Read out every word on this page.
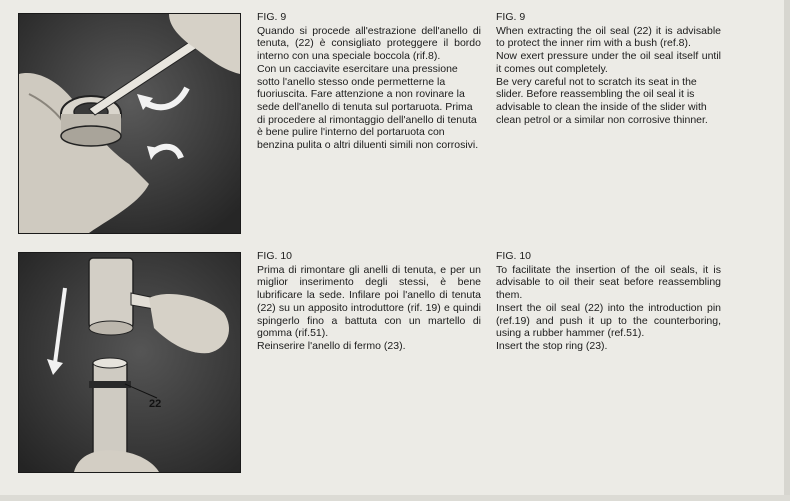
FIG. 9

Quando si procede all'estrazione dell'anello di tenuta, (22) è consigliato proteggere il bordo interno con una speciale boccola (rif.8).

Con un cacciavite esercitare una pressione sotto l'anello stesso onde permetterne la fuoriuscita. Fare attenzione a non rovinare la sede dell'anello di tenuta sul portaruota. Prima di procedere al rimontaggio dell'anello di tenuta è bene pulire l'interno del portaruota con benzina pulita o altri diluenti simili non corrosivi.

FIG. 9

When extracting the oil seal (22) it is advisable to protect the inner rim with a bush (ref.8).

Now exert pressure under the oil seal itself until it comes out completely.

Be very careful not to scratch its seat in the slider. Before reassembling the oil seal it is advisable to clean the inside of the slider with clean petrol or a similar non corrosive thinner.

22

FIG. 10

Prima di rimontare gli anelli di tenuta, e per un miglior inserimento degli stessi, è bene lubrificare la sede. Infilare poi l'anello di tenuta (22) su un apposito introduttore (rif. 19) e quindi spingerlo fino a battuta con un martello di gomma (rif.51).

Reinserire l'anello di fermo (23).

FIG. 10

To facilitate the insertion of the oil seals, it is advisable to oil their seat before reassembling them.

Insert the oil seal (22) into the introduction pin (ref.19) and push it up to the counterboring, using a rubber hammer (ref.51).

Insert the stop ring (23).
